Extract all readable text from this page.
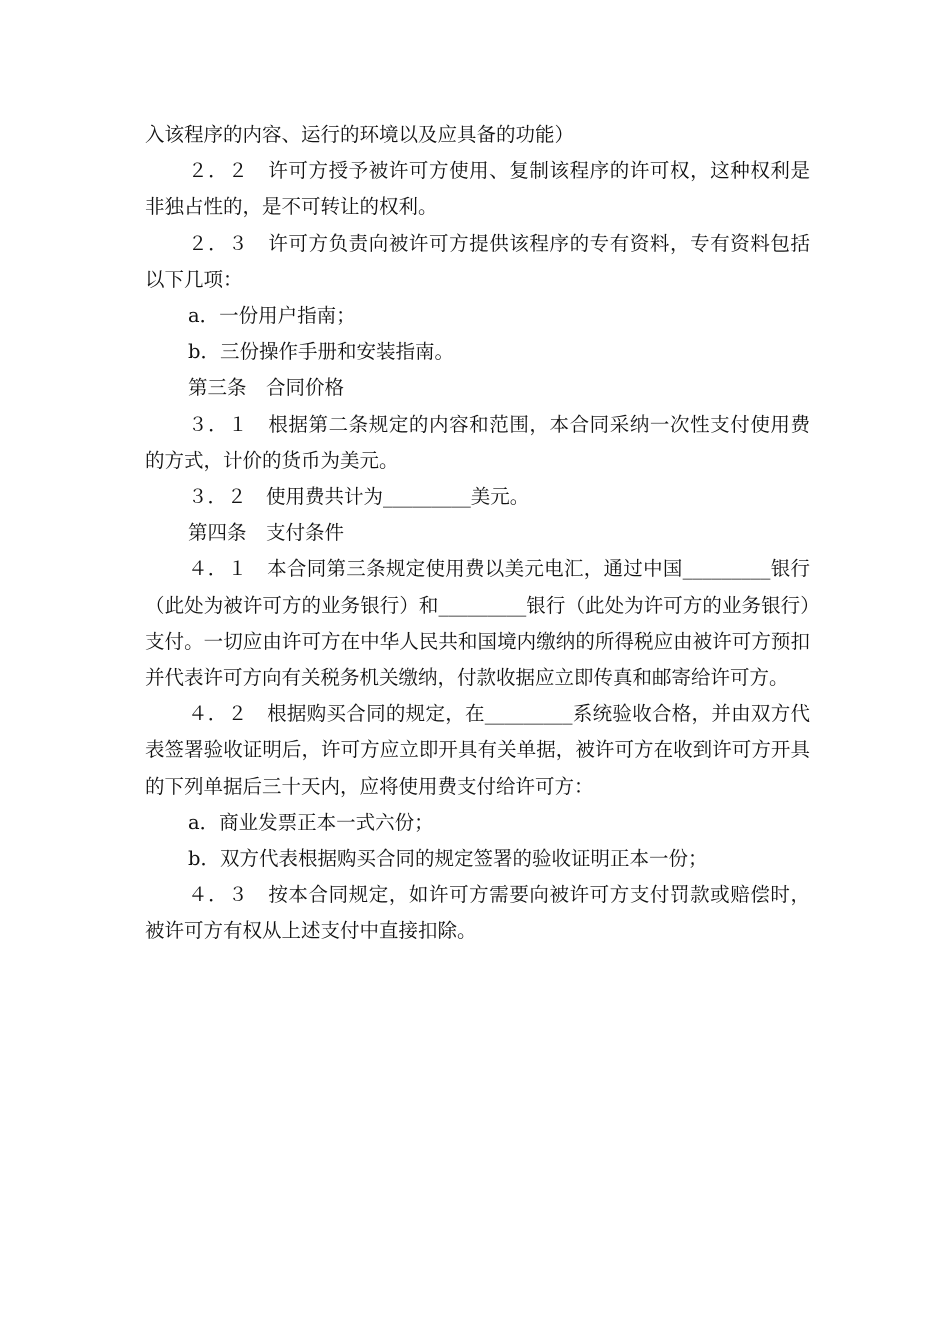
入该程序的内容、运行的环境以及应具备的功能）

２．２　许可方授予被许可方使用、复制该程序的许可权，这种权利是非独占性的，是不可转让的权利。

２．３　许可方负责向被许可方提供该程序的专有资料，专有资料包括以下几项：

a．一份用户指南；

b．三份操作手册和安装指南。

第三条　合同价格

３．１　根据第二条规定的内容和范围，本合同采纳一次性支付使用费的方式，计价的货币为美元。

３．２　使用费共计为_________美元。

第四条　支付条件

４．１　本合同第三条规定使用费以美元电汇，通过中国_________银行（此处为被许可方的业务银行）和_________银行（此处为许可方的业务银行）支付。一切应由许可方在中华人民共和国境内缴纳的所得税应由被许可方预扣并代表许可方向有关税务机关缴纳，付款收据应立即传真和邮寄给许可方。

４．２　根据购买合同的规定，在_________系统验收合格，并由双方代表签署验收证明后，许可方应立即开具有关单据，被许可方在收到许可方开具的下列单据后三十天内，应将使用费支付给许可方：

a．商业发票正本一式六份；

b．双方代表根据购买合同的规定签署的验收证明正本一份；

４．３　按本合同规定，如许可方需要向被许可方支付罚款或赔偿时，被许可方有权从上述支付中直接扣除。
